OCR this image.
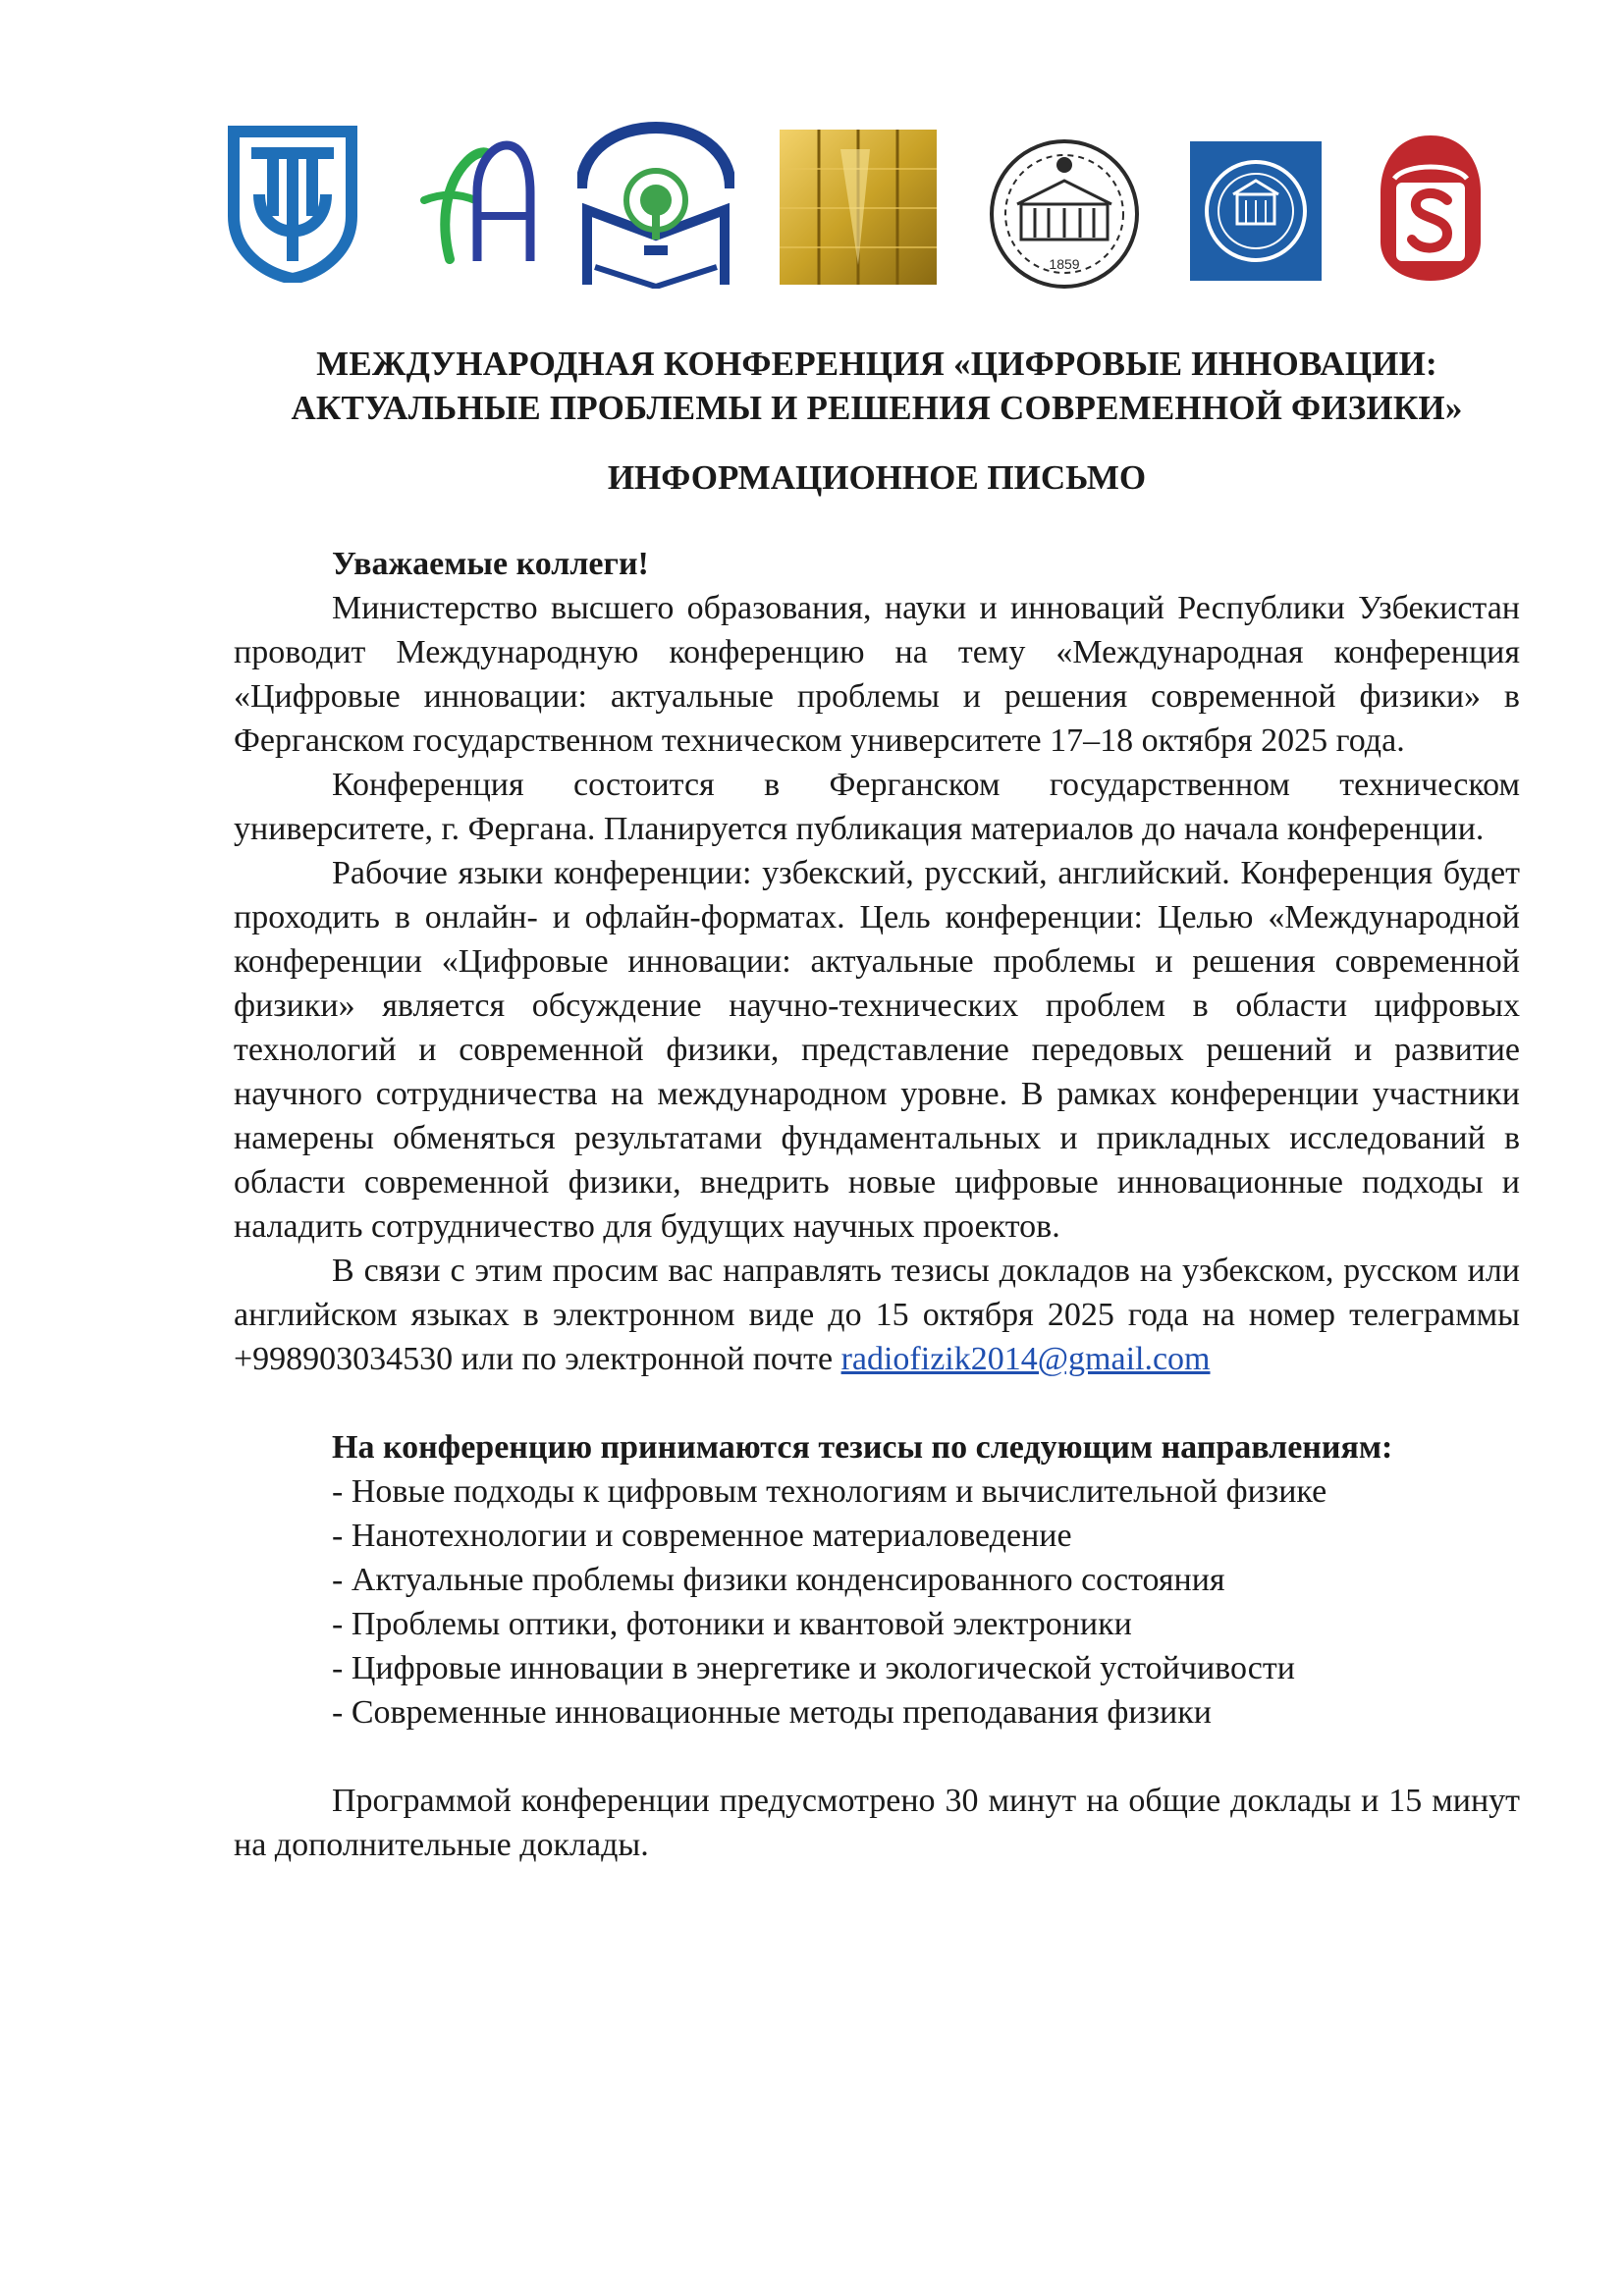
1859
МЕЖДУНАРОДНАЯ КОНФЕРЕНЦИЯ «ЦИФРОВЫЕ ИННОВАЦИИ:
АКТУАЛЬНЫЕ ПРОБЛЕМЫ И РЕШЕНИЯ СОВРЕМЕННОЙ ФИЗИКИ»
ИНФОРМАЦИОННОЕ ПИСЬМО
Уважаемые коллеги!

Министерство высшего образования, науки и инноваций Республики Узбекистан проводит Международную конференцию на тему «Международная конференция «Цифровые инновации: актуальные проблемы и решения современной физики» в Ферганском государственном техническом университете 17–18 октября 2025 года.

Конференция состоится в Ферганском государственном техническом университете, г. Фергана. Планируется публикация материалов до начала конференции.

Рабочие языки конференции: узбекский, русский, английский. Конференция будет проходить в онлайн- и офлайн-форматах. Цель конференции: Целью «Международной конференции «Цифровые инновации: актуальные проблемы и решения современной физики» является обсуждение научно-технических проблем в области цифровых технологий и современной физики, представление передовых решений и развитие научного сотрудничества на международном уровне. В рамках конференции участники намерены обменяться результатами фундаментальных и прикладных исследований в области современной физики, внедрить новые цифровые инновационные подходы и наладить сотрудничество для будущих научных проектов.

В связи с этим просим вас направлять тезисы докладов на узбекском, русском или английском языках в электронном виде до 15 октября 2025 года на номер телеграммы +998903034530 или по электронной почте radiofizik2014@gmail.com

На конференцию принимаются тезисы по следующим направлениям:
- Новые подходы к цифровым технологиям и вычислительной физике
- Нанотехнологии и современное материаловедение
- Актуальные проблемы физики конденсированного состояния
- Проблемы оптики, фотоники и квантовой электроники
- Цифровые инновации в энергетике и экологической устойчивости
- Современные инновационные методы преподавания физики

Программой конференции предусмотрено 30 минут на общие доклады и 15 минут на дополнительные доклады.
